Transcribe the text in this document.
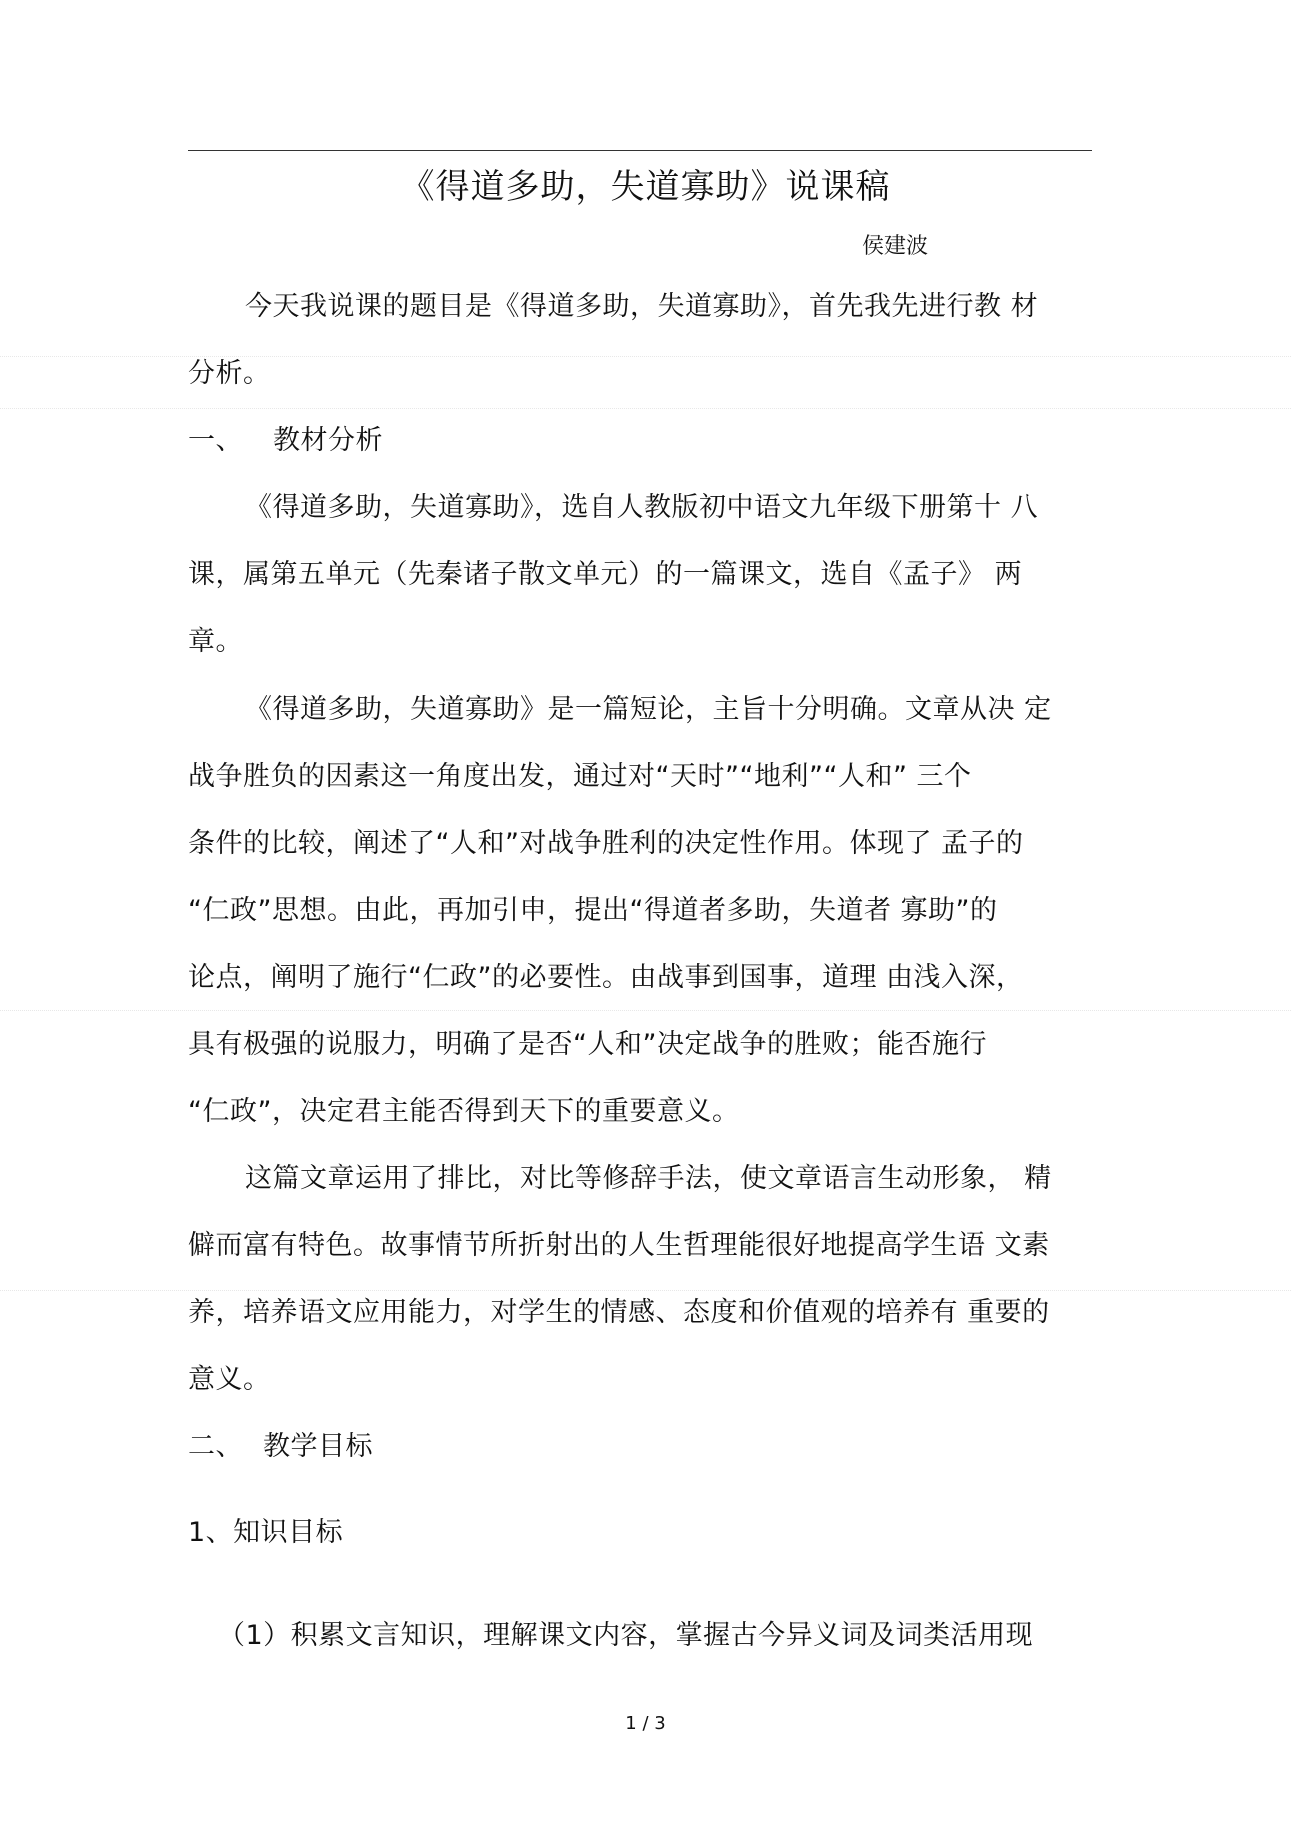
《得道多助，失道寡助》说课稿
侯建波
今天我说课的题目是《得道多助，失道寡助》，首先我先进行教 材
分析。
一、 教材分析
《得道多助，失道寡助》，选自人教版初中语文九年级下册第十 八
课，属第五单元（先秦诸子散文单元）的一篇课文，选自《孟子》 两
章。
《得道多助，失道寡助》是一篇短论，主旨十分明确。文章从决 定
战争胜负的因素这一角度出发，通过对“天时”“地利”“人和” 三个
条件的比较，阐述了“人和”对战争胜利的决定性作用。体现了 孟子的
“仁政”思想。由此，再加引申，提出“得道者多助，失道者 寡助”的
论点，阐明了施行“仁政”的必要性。由战事到国事，道理 由浅入深，
具有极强的说服力，明确了是否“人和”决定战争的胜败；能否施行
“仁政”，决定君主能否得到天下的重要意义。
这篇文章运用了排比，对比等修辞手法，使文章语言生动形象， 精
僻而富有特色。故事情节所折射出的人生哲理能很好地提高学生语 文素
养，培养语文应用能力，对学生的情感、态度和价值观的培养有 重要的
意义。
二、 教学目标
1、知识目标
（1）积累文言知识，理解课文内容，掌握古今异义词及词类活用现
1 / 3
